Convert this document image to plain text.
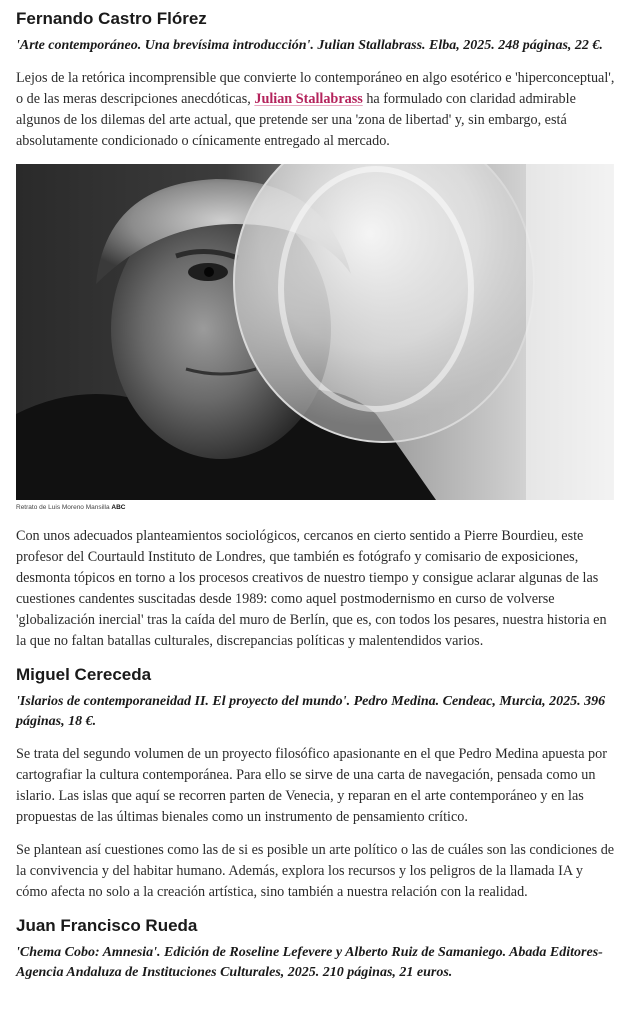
Fernando Castro Flórez

'Arte contemporáneo. Una brevísima introducción'. Julian Stallabrass. Elba, 2025. 248 páginas, 22 €.

Lejos de la retórica incomprensible que convierte lo contemporáneo en algo esotérico e 'hiperconceptual', o de las meras descripciones anecdóticas, Julian Stallabrass ha formulado con claridad admirable algunos de los dilemas del arte actual, que pretende ser una 'zona de libertad' y, sin embargo, está absolutamente condicionado o cínicamente entregado al mercado.

Retrato de Luis Moreno Mansilla ABC

Con unos adecuados planteamientos sociológicos, cercanos en cierto sentido a Pierre Bourdieu, este profesor del Courtauld Instituto de Londres, que también es fotógrafo y comisario de exposiciones, desmonta tópicos en torno a los procesos creativos de nuestro tiempo y consigue aclarar algunas de las cuestiones candentes suscitadas desde 1989: como aquel postmodernismo en curso de volverse 'globalización inercial' tras la caída del muro de Berlín, que es, con todos los pesares, nuestra historia en la que no faltan batallas culturales, discrepancias políticas y malentendidos varios.

Miguel Cereceda

'Islarios de contemporaneidad II. El proyecto del mundo'. Pedro Medina. Cendeac, Murcia, 2025. 396 páginas, 18 €.

Se trata del segundo volumen de un proyecto filosófico apasionante en el que Pedro Medina apuesta por cartografiar la cultura contemporánea. Para ello se sirve de una carta de navegación, pensada como un islario. Las islas que aquí se recorren parten de Venecia, y reparan en el arte contemporáneo y en las propuestas de las últimas bienales como un instrumento de pensamiento crítico.

Se plantean así cuestiones como las de si es posible un arte político o las de cuáles son las condiciones de la convivencia y del habitar humano. Además, explora los recursos y los peligros de la llamada IA y cómo afecta no solo a la creación artística, sino también a nuestra relación con la realidad.

Juan Francisco Rueda

'Chema Cobo: Amnesia'. Edición de Roseline Lefevere y Alberto Ruiz de Samaniego. Abada Editores-Agencia Andaluza de Instituciones Culturales, 2025. 210 páginas, 21 euros.
